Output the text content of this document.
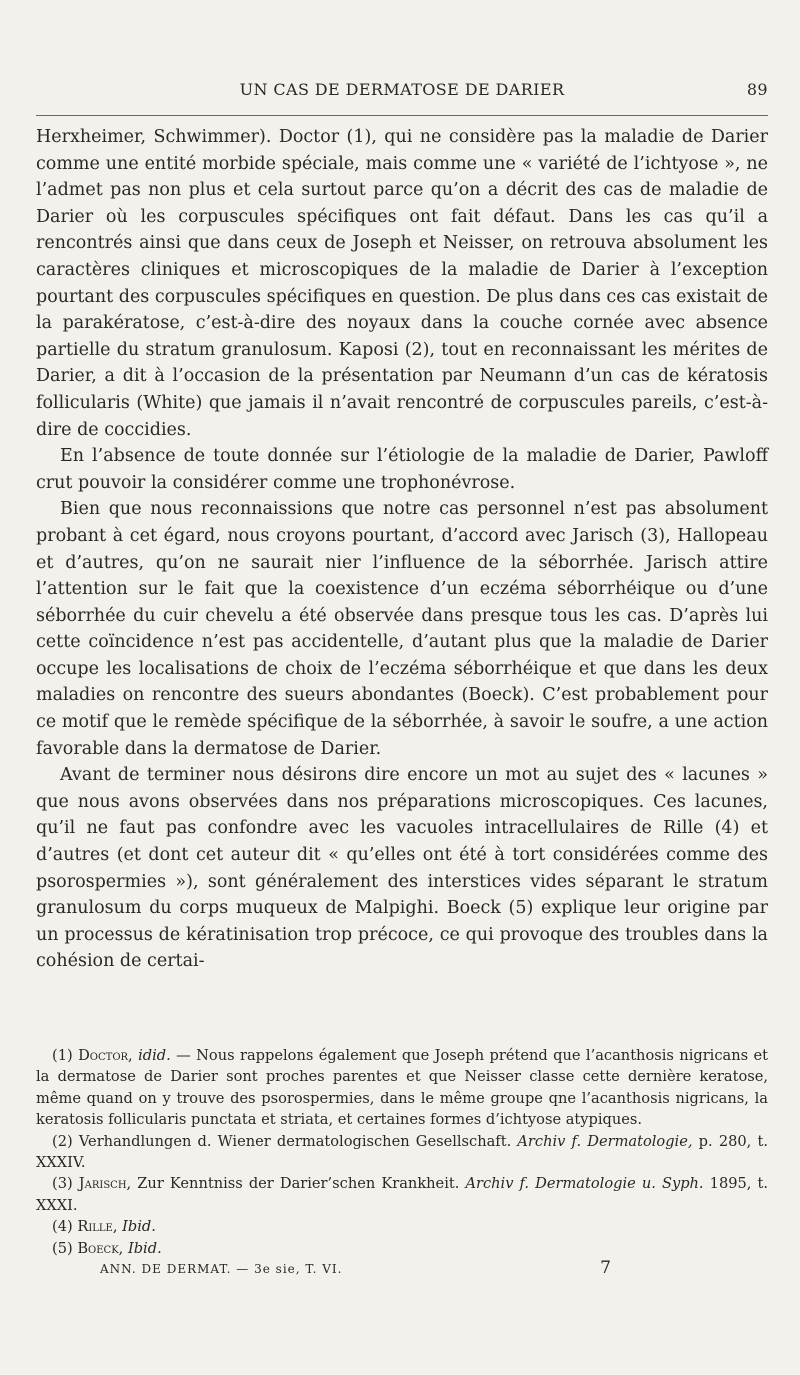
UN CAS DE DERMATOSE DE DARIER	89

Herxheimer, Schwimmer). Doctor (1), qui ne considère pas la maladie de Darier comme une entité morbide spéciale, mais comme une « variété de l’ichtyose », ne l’admet pas non plus et cela surtout parce qu’on a décrit des cas de maladie de Darier où les corpuscules spécifiques ont fait défaut. Dans les cas qu’il a rencontrés ainsi que dans ceux de Joseph et Neisser, on retrouva absolument les caractères cliniques et microscopiques de la maladie de Darier à l’exception pourtant des corpuscules spécifiques en question. De plus dans ces cas existait de la parakératose, c’est-à-dire des noyaux dans la couche cornée avec absence partielle du stratum granulosum. Kaposi (2), tout en reconnaissant les mérites de Darier, a dit à l’occasion de la présentation par Neumann d’un cas de kératosis follicularis (White) que jamais il n’avait rencontré de corpuscules pareils, c’est-à-dire de coccidies.

En l’absence de toute donnée sur l’étiologie de la maladie de Darier, Pawloff crut pouvoir la considérer comme une trophonévrose.

Bien que nous reconnaissions que notre cas personnel n’est pas absolument probant à cet égard, nous croyons pourtant, d’accord avec Jarisch (3), Hallopeau et d’autres, qu’on ne saurait nier l’influence de la séborrhée. Jarisch attire l’attention sur le fait que la coexistence d’un eczéma séborrhéique ou d’une séborrhée du cuir chevelu a été observée dans presque tous les cas. D’après lui cette coïncidence n’est pas accidentelle, d’autant plus que la maladie de Darier occupe les localisations de choix de l’eczéma séborrhéique et que dans les deux maladies on rencontre des sueurs abondantes (Boeck). C’est probablement pour ce motif que le remède spécifique de la séborrhée, à savoir le soufre, a une action favorable dans la dermatose de Darier.

Avant de terminer nous désirons dire encore un mot au sujet des « lacunes » que nous avons observées dans nos préparations microscopiques. Ces lacunes, qu’il ne faut pas confondre avec les vacuoles intracellulaires de Rille (4) et d’autres (et dont cet auteur dit « qu’elles ont été à tort considérées comme des psorospermies »), sont généralement des interstices vides séparant le stratum granulosum du corps muqueux de Malpighi. Boeck (5) explique leur origine par un processus de kératinisation trop précoce, ce qui provoque des troubles dans la cohésion de certai-

(1) Doctor, idid. — Nous rappelons également que Joseph prétend que l’acanthosis nigricans et la dermatose de Darier sont proches parentes et que Neisser classe cette dernière keratose, même quand on y trouve des psorospermies, dans le même groupe qne l’acanthosis nigricans, la keratosis follicularis punctata et striata, et certaines formes d’ichtyose atypiques.

(2) Verhandlungen d. Wiener dermatologischen Gesellschaft. Archiv f. Dermatologie, p. 280, t. XXXIV.

(3) Jarisch, Zur Kenntniss der Darier’schen Krankheit. Archiv f. Dermatologie u. Syph. 1895, t. XXXI.

(4) Rille, Ibid.

(5) Boeck, Ibid.

ANN. DE DERMAT. — 3e sie, T. VI.	7
